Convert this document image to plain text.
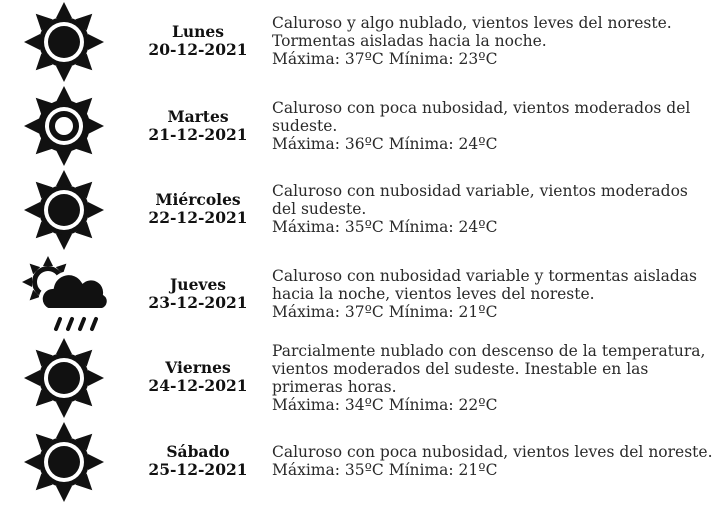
Lunes
20-12-2021
Caluroso y algo nublado, vientos leves del noreste.
Tormentas aisladas hacia la noche.
Máxima: 37ºC Mínima: 23ºC
Martes
21-12-2021
Caluroso con poca nubosidad, vientos moderados del
sudeste.
Máxima: 36ºC Mínima: 24ºC
Miércoles
22-12-2021
Caluroso con nubosidad variable, vientos moderados
del sudeste.
Máxima: 35ºC Mínima: 24ºC
Jueves
23-12-2021
Caluroso con nubosidad variable y tormentas aisladas
hacia la noche, vientos leves del noreste.
Máxima: 37ºC Mínima: 21ºC
Viernes
24-12-2021
Parcialmente nublado con descenso de la temperatura,
vientos moderados del sudeste. Inestable en las
primeras horas.
Máxima: 34ºC Mínima: 22ºC
Sábado
25-12-2021
Caluroso con poca nubosidad, vientos leves del noreste.
Máxima: 35ºC Mínima: 21ºC
